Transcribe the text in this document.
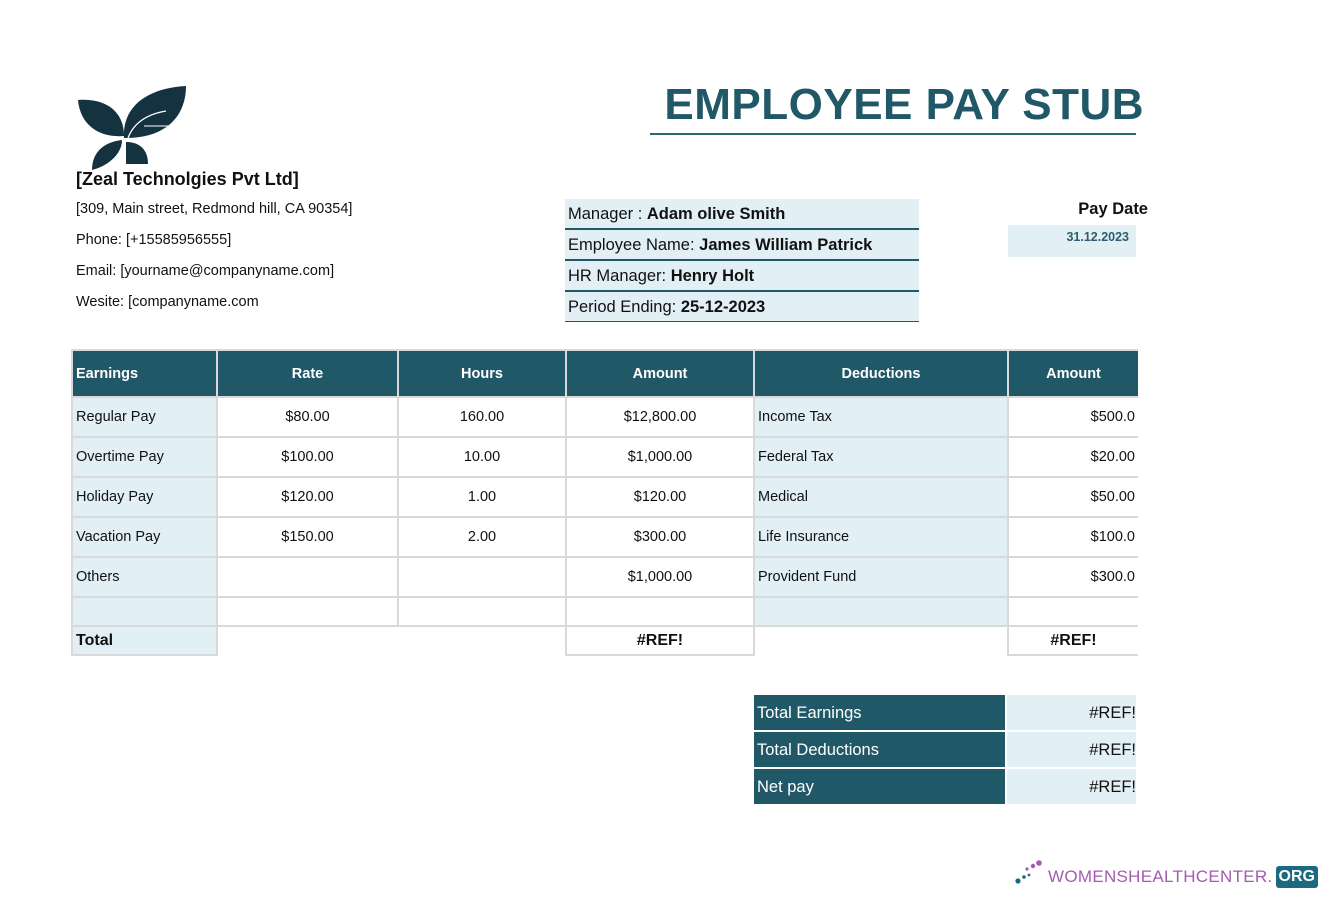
EMPLOYEE PAY STUB
[Zeal Technolgies Pvt Ltd]
[309, Main street, Redmond hill, CA 90354]
Phone: [+15585956555]
Email: [yourname@companyname.com]
Wesite: [companyname.com
Manager : Adam olive Smith
Employee Name: James William Patrick
HR Manager: Henry Holt
Period Ending: 25-12-2023
Pay Date
31.12.2023
Earnings	Rate	Hours	Amount	Deductions	Amount
Regular Pay	$80.00	160.00	$12,800.00	Income Tax	$500.0
Overtime Pay	$100.00	10.00	$1,000.00	Federal Tax	$20.00
Holiday Pay	$120.00	1.00	$120.00	Medical	$50.00
Vacation Pay	$150.00	2.00	$300.00	Life Insurance	$100.0
Others			$1,000.00	Provident Fund	$300.0

Total			#REF!		#REF!
Total Earnings	#REF!
Total Deductions	#REF!
Net pay	#REF!
WOMENSHEALTHCENTER. ORG
